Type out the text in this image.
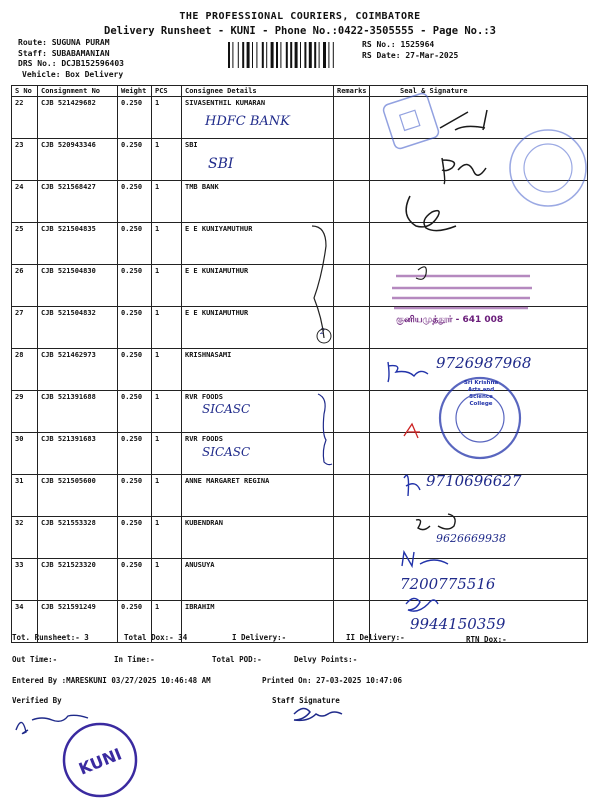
THE PROFESSIONAL COURIERS, COIMBATORE
Delivery Runsheet - KUNI - Phone No.:0422-3505555 - Page No.:3
Route: SUGUNA PURAM
Staff: SUBABAMANIAN
DRS No.: DCJB152596403
Vehicle: Box Delivery
RS No.: 1525964
RS Date: 27-Mar-2025
S No	Consignment No	Weight	PCS	Consignee Details	Remarks	Seal & Signature
22	CJB 521429682	0.250	1	SIVASENTHIL KUMARAN		
23	CJB 520943346	0.250	1	SBI		
24	CJB 521568427	0.250	1	TMB BANK		
25	CJB 521504835	0.250	1	E E KUNIYAMUTHUR		
26	CJB 521504830	0.250	1	E E KUNIAMUTHUR		
27	CJB 521504832	0.250	1	E E KUNIAMUTHUR		
28	CJB 521462973	0.250	1	KRISHNASAMI		
29	CJB 521391688	0.250	1	RVR FOODS		
30	CJB 521391683	0.250	1	RVR FOODS		
31	CJB 521505600	0.250	1	ANNE MARGARET REGINA		
32	CJB 521553328	0.250	1	KUBENDRAN		
33	CJB 521523320	0.250	1	ANUSUYA		
34	CJB 521591249	0.250	1	IBRAHIM		
HDFC BANK
SBI
SICASC
SICASC
2
9726987968
9710696627
9626669938
7200775516
9944150359
குனியமுத்தூர் - 641 008
Sri Krishna Arts and Science College
KUNI
Tot. Runsheet:- 3	Total Dox:- 34	I Delivery:-	II Delivery:-	RTN Dox:-
Out Time:-	In Time:-	Total POD:-	Delvy Points:-
Entered By :MARESKUNI 03/27/2025 10:46:48 AM	Printed On: 27-03-2025 10:47:06
Verified By	Staff Signature
